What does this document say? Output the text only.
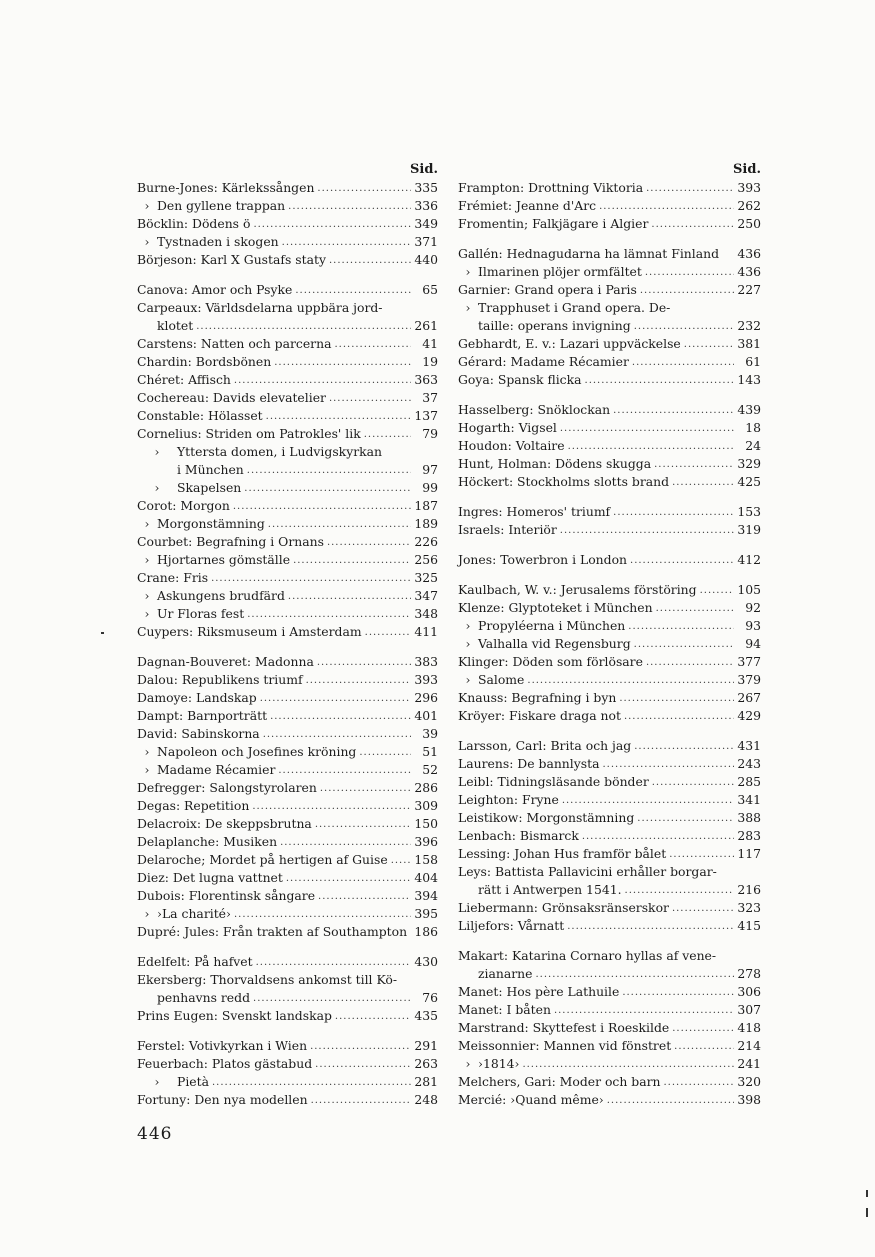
Sid.
Burne-Jones: Kärlekssången .....	335
› Den gyllene trappan .....	336
Böcklin: Dödens ö .....	349
› Tystnaden i skogen .....	371
Börjeson: Karl X Gustafs staty .....	440
Canova: Amor och Psyke .....	65
Carpeaux: Världsdelarna uppbära jord-
klotet .....	261
Carstens: Natten och parcerna .....	41
Chardin: Bordsbönen .....	19
Chéret: Affisch .....	363
Cochereau: Davids elevatelier .....	37
Constable: Hölasset .....	137
Cornelius: Striden om Patrokles' lik .....	79
›	Yttersta domen, i Ludvigskyrkan
i München .....	97
›	Skapelsen .....	99
Corot: Morgon .....	187
› Morgonstämning .....	189
Courbet: Begrafning i Ornans .....	226
› Hjortarnes gömställe .....	256
Crane: Fris .....	325
› Askungens brudfärd .....	347
› Ur Floras fest .....	348
Cuypers: Riksmuseum i Amsterdam .....	411
Dagnan-Bouveret: Madonna .....	383
Dalou: Republikens triumf .....	393
Damoye: Landskap .....	296
Dampt: Barnporträtt .....	401
David: Sabinskorna .....	39
› Napoleon och Josefines kröning .....	51
› Madame Récamier .....	52
Defregger: Salongstyrolaren .....	286
Degas: Repetition .....	309
Delacroix: De skeppsbrutna .....	150
Delaplanche: Musiken .....	396
Delaroche; Mordet på hertigen af Guise ..... 158
Diez: Det lugna vattnet .....	404
Dubois: Florentinsk sångare .....	394
› ›La charité› .....	395
Dupré: Jules: Från trakten af Southampton 186
Edelfelt: På hafvet .....	430
Ekersberg: Thorvaldsens ankomst till Kö-
penhavns redd .....	76
Prins Eugen: Svenskt landskap .....	435
Ferstel: Votivkyrkan i Wien .....	291
Feuerbach: Platos gästabud .....	263
›	Pietà .....	281
Fortuny: Den nya modellen .....	248
Sid.
Frampton: Drottning Viktoria .....	393
Frémiet: Jeanne d'Arc .....	262
Fromentin; Falkjägare i Algier .....	250
Gallén: Hednagudarna ha lämnat Finland 436
› Ilmarinen plöjer ormfältet .....	436
Garnier: Grand opera i Paris .....	227
› Trapphuset i Grand opera. De-
taille: operans invigning .....	232
Gebhardt, E. v.: Lazari uppväckelse .....	381
Gérard: Madame Récamier .....	61
Goya: Spansk flicka .....	143
Hasselberg: Snöklockan .....	439
Hogarth: Vigsel .....	18
Houdon: Voltaire .....	24
Hunt, Holman: Dödens skugga .....	329
Höckert: Stockholms slotts brand .....	425
Ingres: Homeros' triumf .....	153
Israels: Interiör .....	319
Jones: Towerbron i London .....	412
Kaulbach, W. v.: Jerusalems förstöring .....	105
Klenze: Glyptoteket i München .....	92
› Propyléerna i München .....	93
› Valhalla vid Regensburg .....	94
Klinger: Döden som förlösare .....	377
› Salome .....	379
Knauss: Begrafning i byn .....	267
Kröyer: Fiskare draga not .....	429
Larsson, Carl: Brita och jag .....	431
Laurens: De bannlysta .....	243
Leibl: Tidningsläsande bönder .....	285
Leighton: Fryne .....	341
Leistikow: Morgonstämning .....	388
Lenbach: Bismarck .....	283
Lessing: Johan Hus framför bålet .....	117
Leys: Battista Pallavicini erhåller borgar-
rätt i Antwerpen 1541. .....	216
Liebermann: Grönsaksränserskor .....	323
Liljefors: Vårnatt .....	415
Makart: Katarina Cornaro hyllas af vene-
zianarne .....	278
Manet: Hos père Lathuile .....	306
Manet: I båten .....	307
Marstrand: Skyttefest i Roeskilde .....	418
Meissonnier: Mannen vid fönstret .....	214
› ›1814› .....	241
Melchers, Gari: Moder och barn .....	320
Mercié: ›Quand même› .....	398
446
